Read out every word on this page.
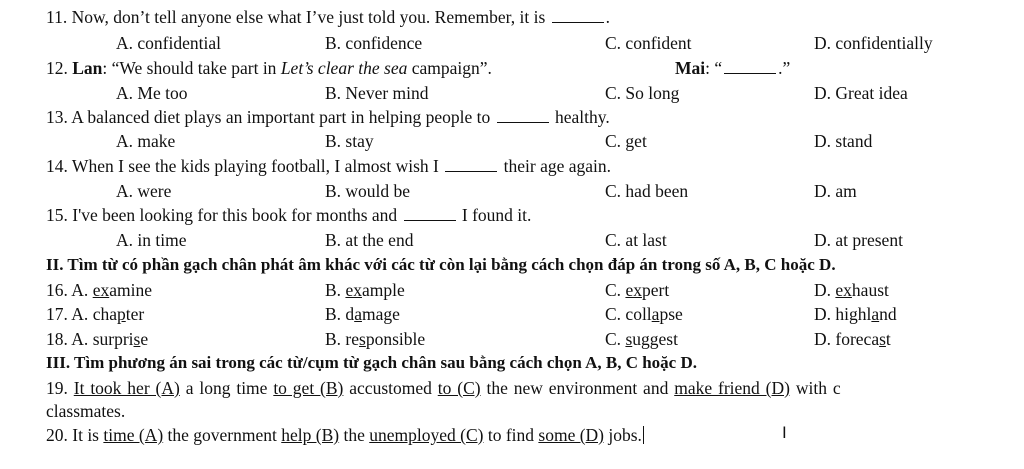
11. Now, don’t tell anyone else what I’ve just told you. Remember, it is	.
A. confidential	B. confidence	C. confident	D. confidentially
12. Lan: “We should take part in Let’s clear the sea campaign”.	Mai: “	.”
A. Me too	B. Never mind	C. So long	D. Great idea
13. A balanced diet plays an important part in helping people to	healthy.
A. make	B. stay	C. get	D. stand
14. When I see the kids playing football, I almost wish I	their age again.
A. were	B. would be	C. had been	D. am
15. I've been looking for this book for months and	I found it.
A. in time	B. at the end	C. at last	D. at present
II. Tìm từ có phần gạch chân phát âm khác với các từ còn lại bằng cách chọn đáp án trong số A, B, C hoặc D.
16. A. examine	B. example	C. expert	D. exhaust
17. A. chapter	B. damage	C. collapse	D. highland
18. A. surprise	B. responsible	C. suggest	D. forecast
III. Tìm phương án sai trong các từ/cụm từ gạch chân sau bằng cách chọn A, B, C hoặc D.
19. It took her (A) a long time to get (B) accustomed to (C) the new environment and make friend (D) with c
classmates.
20. It is time (A) the government help (B) the unemployed (C) to find some (D) jobs.	I
